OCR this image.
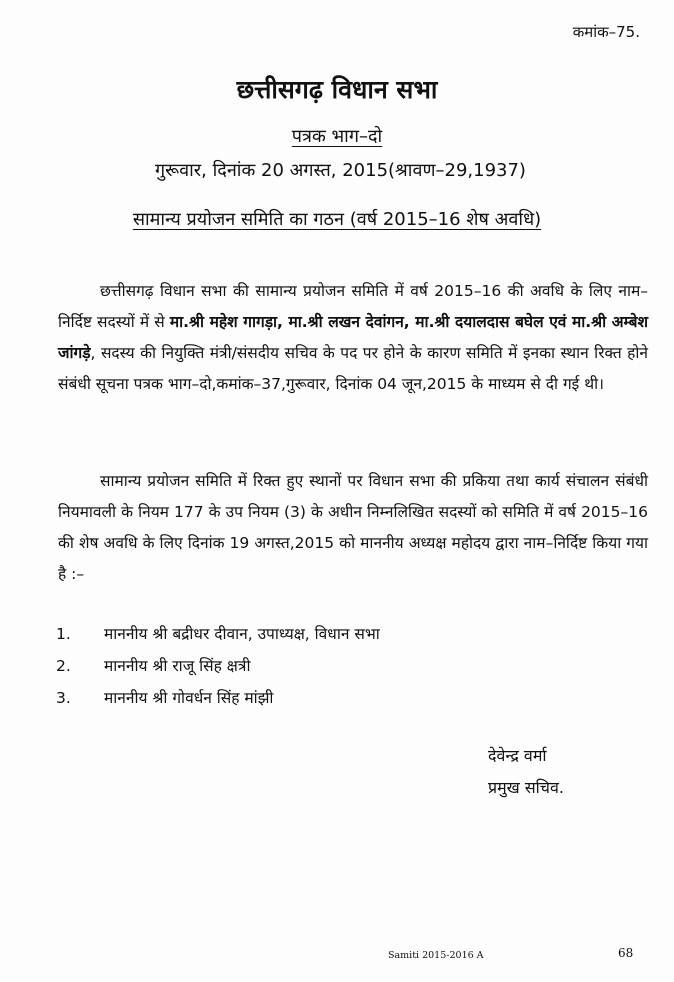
कमांक–75.
छत्तीसगढ़ विधान सभा
पत्रक भाग–दो
गुरूवार, दिनांक 20 अगस्त, 2015(श्रावण–29,1937)
सामान्य प्रयोजन समिति का गठन (वर्ष 2015–16 शेष अवधि)

छत्तीसगढ़ विधान सभा की सामान्य प्रयोजन समिति में वर्ष 2015–16 की अवधि के लिए नाम–निर्दिष्ट सदस्यों में से मा.श्री महेश गागड़ा, मा.श्री लखन देवांगन, मा.श्री दयालदास बघेल एवं मा.श्री अम्बेश जांगड़े, सदस्य की नियुक्ति मंत्री/संसदीय सचिव के पद पर होने के कारण समिति में इनका स्थान रिक्त होने संबंधी सूचना पत्रक भाग–दो,कमांक–37,गुरूवार, दिनांक 04 जून,2015 के माध्यम से दी गई थी।

सामान्य प्रयोजन समिति में रिक्त हुए स्थानों पर विधान सभा की प्रकिया तथा कार्य संचालन संबंधी नियमावली के नियम 177 के उप नियम (3) के अधीन निम्नलिखित सदस्यों को समिति में वर्ष 2015–16 की शेष अवधि के लिए दिनांक 19 अगस्त,2015 को माननीय अध्यक्ष महोदय द्वारा नाम–निर्दिष्ट किया गया है :–

1. माननीय श्री बद्रीधर दीवान, उपाध्यक्ष, विधान सभा
2. माननीय श्री राजू सिंह क्षत्री
3. माननीय श्री गोवर्धन सिंह मांझी
देवेन्द्र वर्मा
प्रमुख सचिव.
Samiti 2015-2016 A	68
